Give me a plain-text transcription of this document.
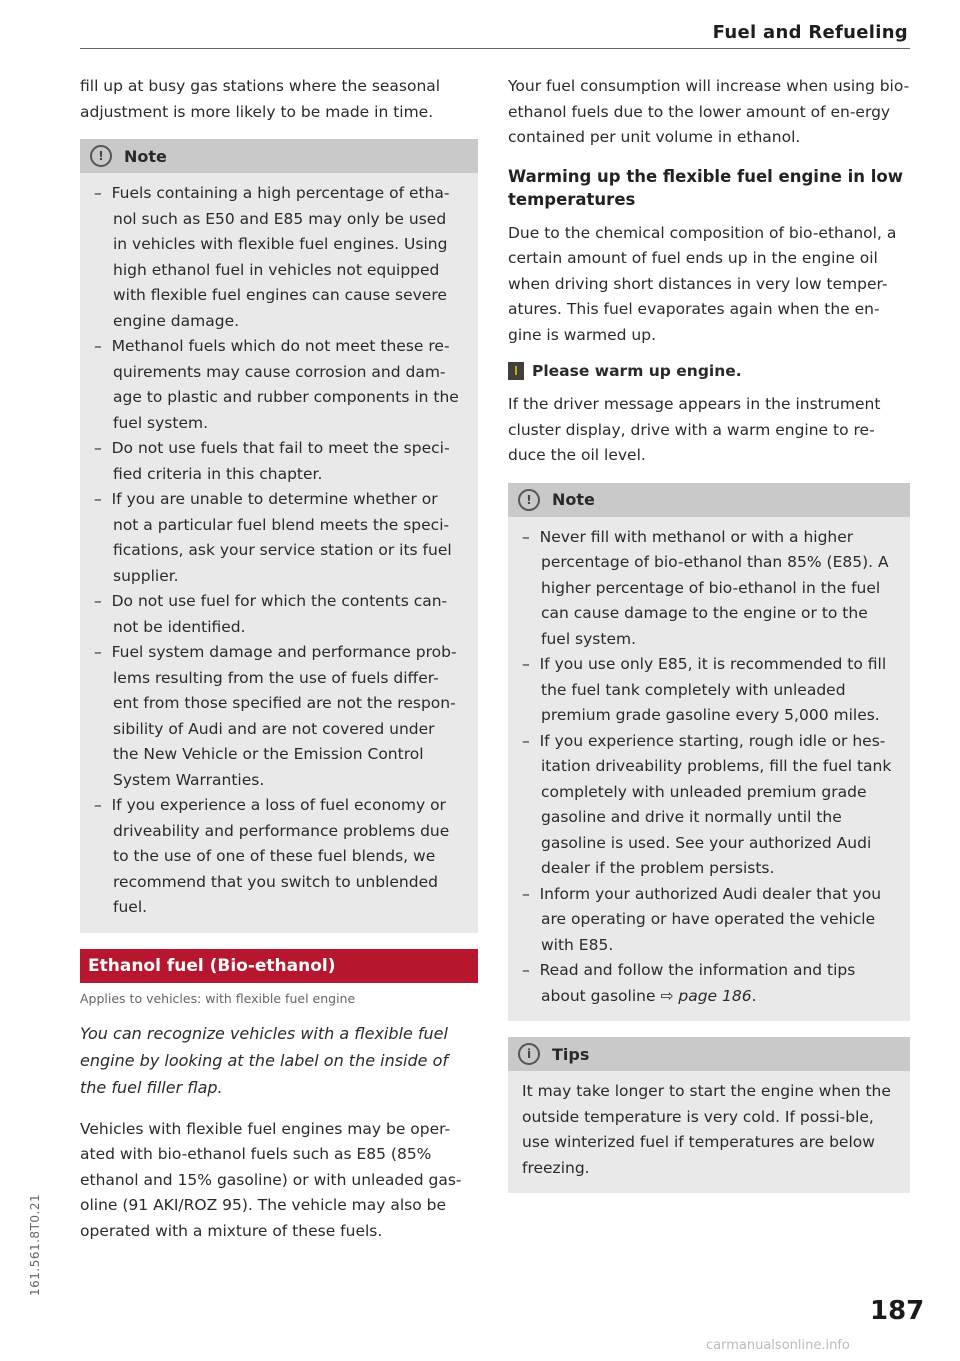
Fuel and Refueling

fill up at busy gas stations where the seasonal adjustment is more likely to be made in time.

!	Note
–  Fuels containing a high percentage of etha-nol such as E50 and E85 may only be used in vehicles with flexible fuel engines. Using high ethanol fuel in vehicles not equipped with flexible fuel engines can cause severe engine damage.
–  Methanol fuels which do not meet these re-quirements may cause corrosion and dam-age to plastic and rubber components in the fuel system.
–  Do not use fuels that fail to meet the speci-fied criteria in this chapter.
–  If you are unable to determine whether or not a particular fuel blend meets the speci-fications, ask your service station or its fuel supplier.
–  Do not use fuel for which the contents can-not be identified.
–  Fuel system damage and performance prob-lems resulting from the use of fuels differ-ent from those specified are not the respon-sibility of Audi and are not covered under the New Vehicle or the Emission Control System Warranties.
–  If you experience a loss of fuel economy or driveability and performance problems due to the use of one of these fuel blends, we recommend that you switch to unblended fuel.
Ethanol fuel (Bio-ethanol)
Applies to vehicles: with flexible fuel engine

You can recognize vehicles with a flexible fuel engine by looking at the label on the inside of the fuel filler flap.

Vehicles with flexible fuel engines may be oper-ated with bio-ethanol fuels such as E85 (85% ethanol and 15% gasoline) or with unleaded gas-oline (91 AKI/ROZ 95). The vehicle may also be operated with a mixture of these fuels.

Your fuel consumption will increase when using bio-ethanol fuels due to the lower amount of en-ergy contained per unit volume in ethanol.

Warming up the flexible fuel engine in low temperatures

Due to the chemical composition of bio-ethanol, a certain amount of fuel ends up in the engine oil when driving short distances in very low temper-atures. This fuel evaporates again when the en-gine is warmed up.

Please warm up engine.

If the driver message appears in the instrument cluster display, drive with a warm engine to re-duce the oil level.

!	Note
–  Never fill with methanol or with a higher percentage of bio-ethanol than 85% (E85). A higher percentage of bio-ethanol in the fuel can cause damage to the engine or to the fuel system.
–  If you use only E85, it is recommended to fill the fuel tank completely with unleaded premium grade gasoline every 5,000 miles.
–  If you experience starting, rough idle or hes-itation driveability problems, fill the fuel tank completely with unleaded premium grade gasoline and drive it normally until the gasoline is used. See your authorized Audi dealer if the problem persists.
–  Inform your authorized Audi dealer that you are operating or have operated the vehicle with E85.
–  Read and follow the information and tips about gasoline ⇨ page 186.
i	Tips

It may take longer to start the engine when the outside temperature is very cold. If possi-ble, use winterized fuel if temperatures are below freezing.

161.561.8T0.21
187
carmanualsonline.info
